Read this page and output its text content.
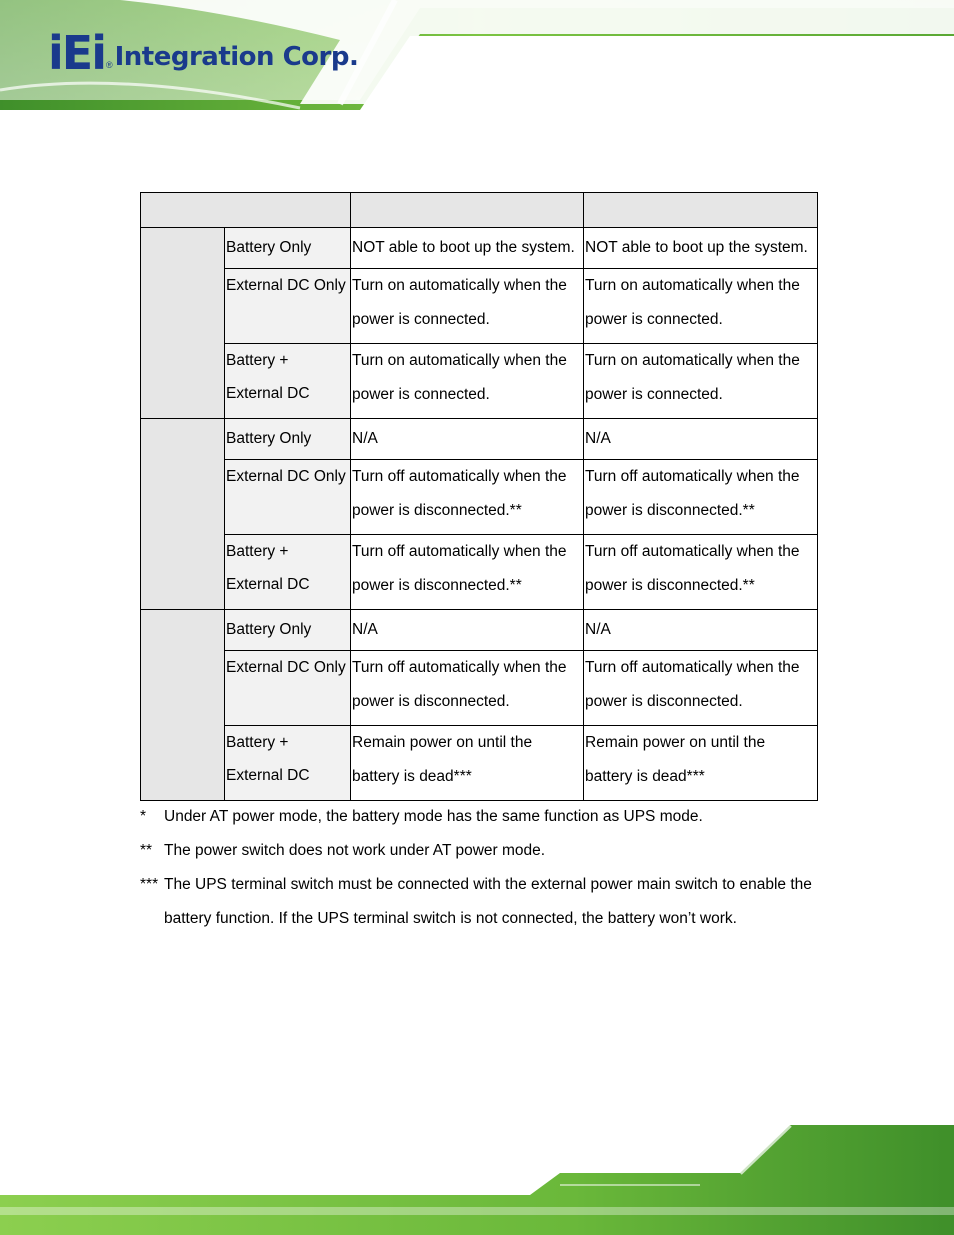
iEi ® Integration Corp.

	Battery Only	NOT able to boot up the system.	NOT able to boot up the system.
	External DC Only	Turn on automatically when the power is connected.	Turn on automatically when the power is connected.
	Battery + External DC	Turn on automatically when the power is connected.	Turn on automatically when the power is connected.
	Battery Only	N/A	N/A
	External DC Only	Turn off automatically when the power is disconnected.**	Turn off automatically when the power is disconnected.**
	Battery + External DC	Turn off automatically when the power is disconnected.**	Turn off automatically when the power is disconnected.**
	Battery Only	N/A	N/A
	External DC Only	Turn off automatically when the power is disconnected.	Turn off automatically when the power is disconnected.
	Battery + External DC	Remain power on until the battery is dead***	Remain power on until the battery is dead***
*	Under AT power mode, the battery mode has the same function as UPS mode.
** The power switch does not work under AT power mode.
*** The UPS terminal switch must be connected with the external power main switch to enable the battery function. If the UPS terminal switch is not connected, the battery won’t work.
